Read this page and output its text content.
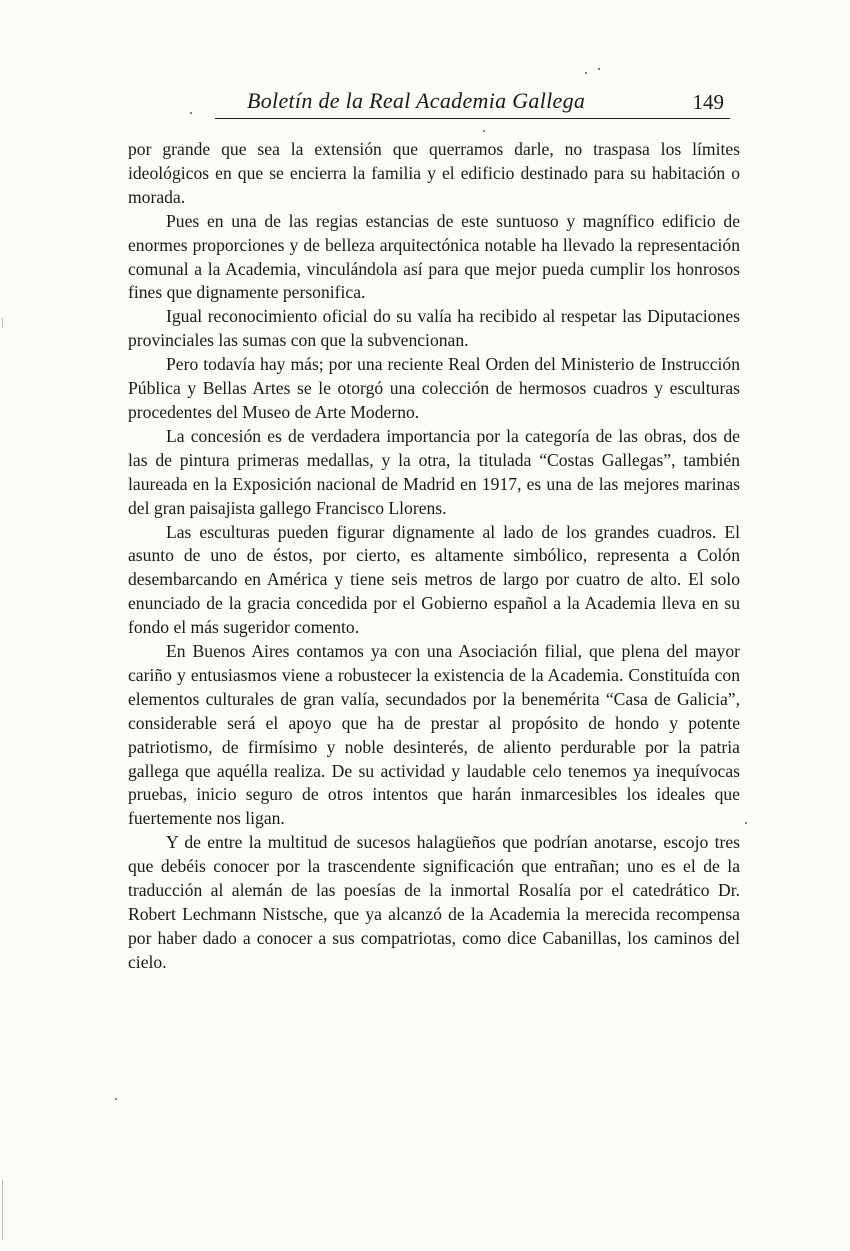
Boletín de la Real Academia Gallega	149

por grande que sea la extensión que querramos darle, no traspasa los límites ideológicos en que se encierra la familia y el edificio destinado para su habitación o morada.

Pues en una de las regias estancias de este suntuoso y magnífico edificio de enormes proporciones y de belleza arquitectónica notable ha llevado la representación comunal a la Academia, vinculándola así para que mejor pueda cumplir los honrosos fines que dignamente personifica.

Igual reconocimiento oficial do su valía ha recibido al respetar las Diputaciones provinciales las sumas con que la subvencionan.

Pero todavía hay más; por una reciente Real Orden del Ministerio de Instrucción Pública y Bellas Artes se le otorgó una colección de hermosos cuadros y esculturas procedentes del Museo de Arte Moderno.

La concesión es de verdadera importancia por la categoría de las obras, dos de las de pintura primeras medallas, y la otra, la titulada “Costas Gallegas”, también laureada en la Exposición nacional de Madrid en 1917, es una de las mejores marinas del gran paisajista gallego Francisco Llorens.

Las esculturas pueden figurar dignamente al lado de los grandes cuadros. El asunto de uno de éstos, por cierto, es altamente simbólico, representa a Colón desembarcando en América y tiene seis metros de largo por cuatro de alto. El solo enunciado de la gracia concedida por el Gobierno español a la Academia lleva en su fondo el más sugeridor comento.

En Buenos Aires contamos ya con una Asociación filial, que plena del mayor cariño y entusiasmos viene a robustecer la existencia de la Academia. Constituída con elementos culturales de gran valía, secundados por la benemérita “Casa de Galicia”, considerable será el apoyo que ha de prestar al propósito de hondo y potente patriotismo, de firmísimo y noble desinterés, de aliento perdurable por la patria gallega que aquélla realiza. De su actividad y laudable celo tenemos ya inequívocas pruebas, inicio seguro de otros intentos que harán inmarcesibles los ideales que fuertemente nos ligan.

Y de entre la multitud de sucesos halagüeños que podrían anotarse, escojo tres que debéis conocer por la trascendente significación que entrañan; uno es el de la traducción al alemán de las poesías de la inmortal Rosalía por el catedrático Dr. Robert Lechmann Nistsche, que ya alcanzó de la Academia la merecida recompensa por haber dado a conocer a sus compatriotas, como dice Cabanillas, los caminos del cielo.
